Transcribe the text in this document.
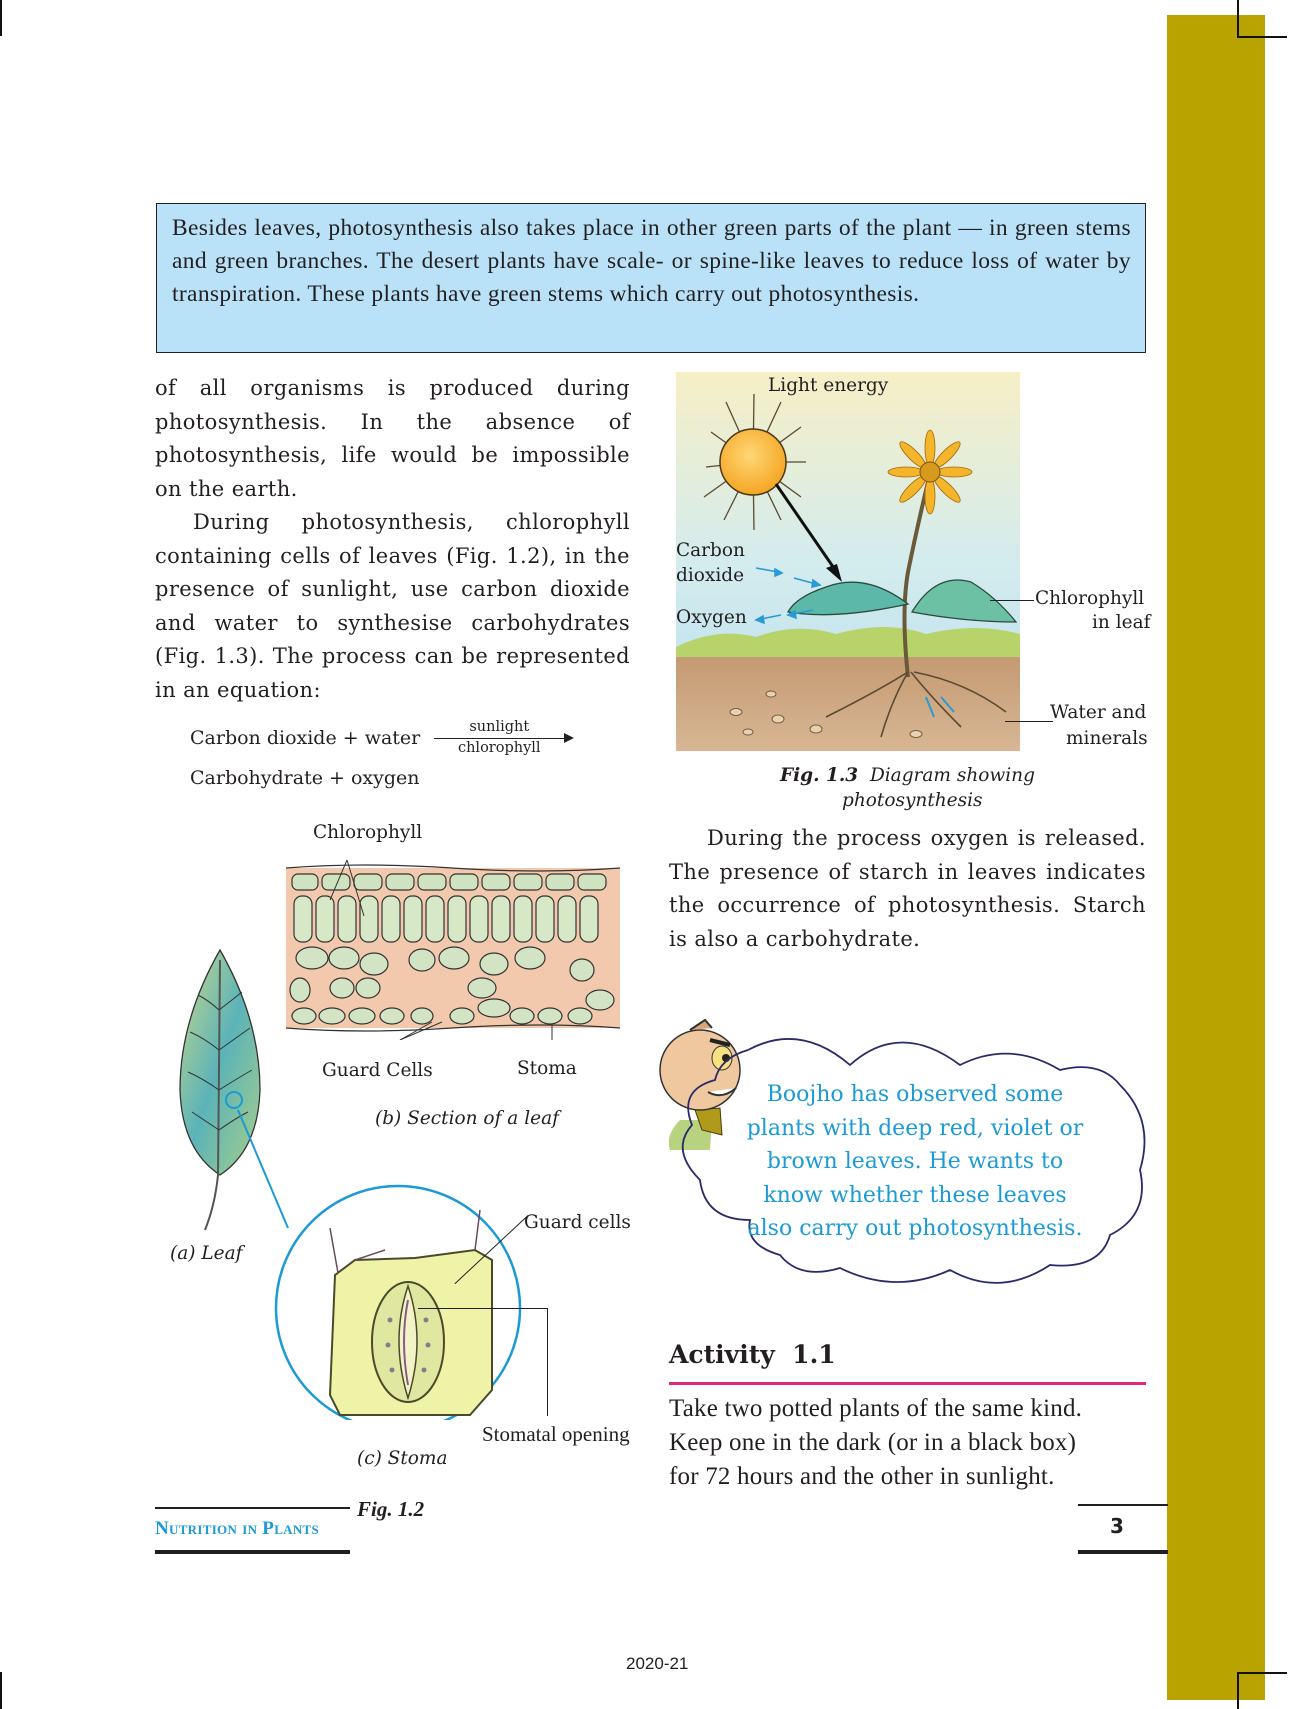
Besides leaves, photosynthesis also takes place in other green parts of the plant — in green stems and green branches. The desert plants have scale- or spine-like leaves to reduce loss of water by transpiration. These plants have green stems which carry out photosynthesis.

of all organisms is produced during photosynthesis. In the absence of photosynthesis, life would be impossible on the earth.

During photosynthesis, chlorophyll containing cells of leaves (Fig. 1.2), in the presence of sunlight, use carbon dioxide and water to synthesise carbohydrates (Fig. 1.3). The process can be represented in an equation:

Carbon dioxide + water	sunlight
chlorophyll
Carbohydrate + oxygen
Light energy
Carbon
dioxide
Oxygen
Chlorophyll
in leaf
Water and
minerals
Fig. 1.3 Diagram showing
photosynthesis

During the process oxygen is released. The presence of starch in leaves indicates the occurrence of photosynthesis. Starch is also a carbohydrate.

Chlorophyll
Guard Cells	Stoma
(b) Section of a leaf
(a) Leaf
Guard cells
Stomatal opening
(c) Stoma
Fig. 1.2
Boojho has observed some
plants with deep red, violet or
brown leaves. He wants to
know whether these leaves
also carry out photosynthesis.
Activity  1.1

Take two potted plants of the same kind.

Keep one in the dark (or in a black box)

for 72 hours and the other in sunlight.

Nutrition in Plants	3
2020-21
